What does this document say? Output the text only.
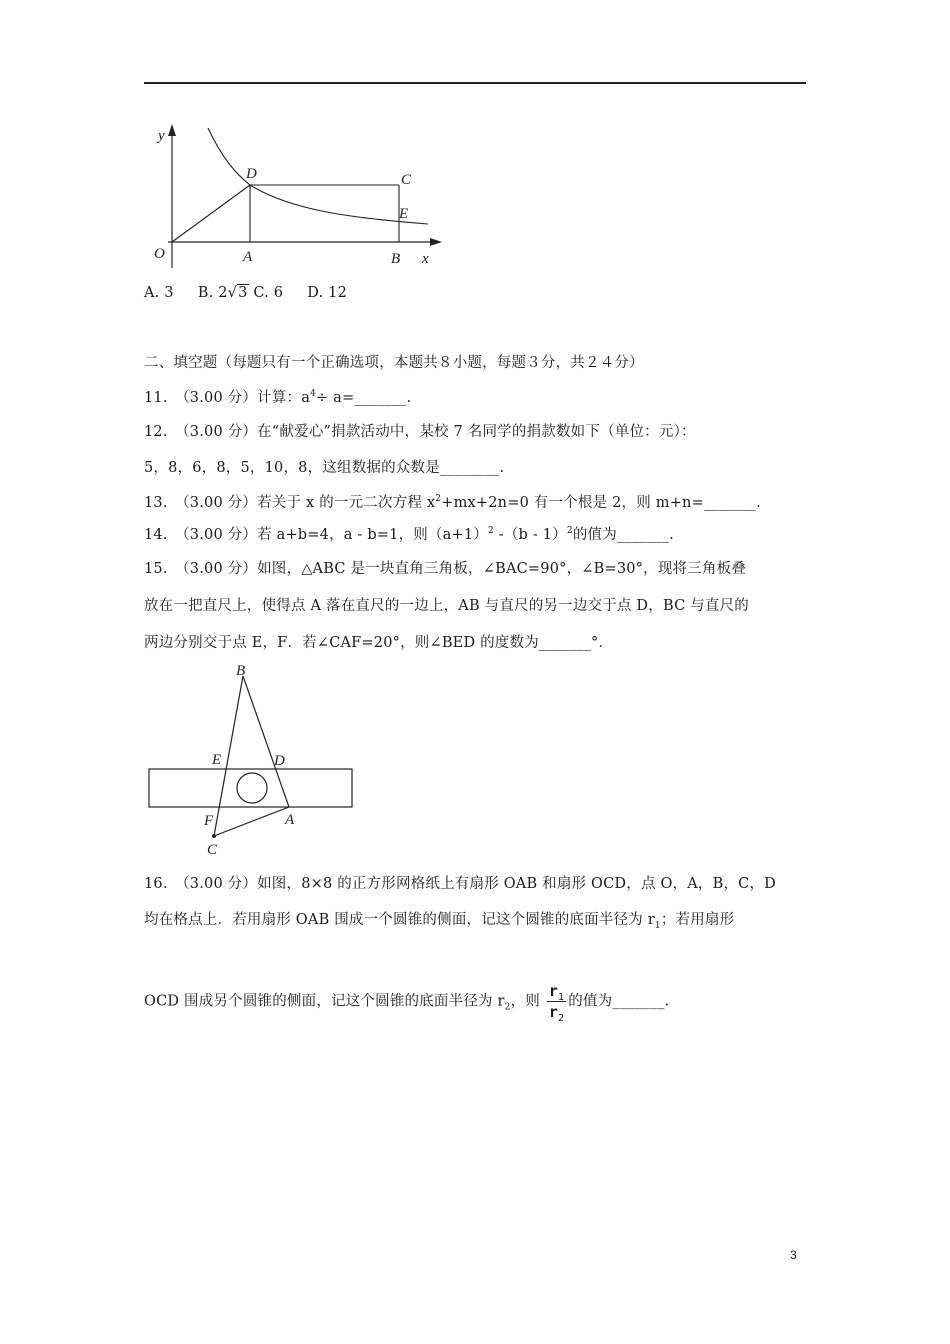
y
x
O	A	B
C
D
E
A. 3 B. 2√3 C. 6 D. 12
二、填空题（每题只有一个正确选项，本题共８小题，每题３分，共２４分）
11.　（3.00 分）计算：$a^4\div$ a=_______.
12.　（3.00 分）在“献爱心”捐款活动中，某校 7 名同学的捐款数如下（单位：元）：
5，8，6，8，5，10，8，这组数据的众数是________.
13.　（3.00 分）若关于 x 的一元二次方程 $x^2+mx+2n=0$ 有一个根是 2，则 m+n=_______.
14.　（3.00 分）若 a+b=4，a - b=1，则$(a+1)^2$ -（b - 1）$^2$的值为_______.
15.　（3.00 分）如图，△ABC 是一块直角三角板，∠BAC=90°，∠B=30°，现将三角板叠
放在一把直尺上，使得点 A 落在直尺的一边上，AB 与直尺的另一边交于点 D，BC 与直尺的
两边分别交于点 E，F．若∠CAF=20°，则∠BED 的度数为_______°．
B
E	D
F	A
C
16.　（3.00 分）如图，8×8 的正方形网格纸上有扇形 OAB 和扇形 OCD，点 O，A，B，C，D
均在格点上．若用扇形 OAB 围成一个圆锥的侧面，记这个圆锥的底面半径为 $r_1$；若用扇形
OCD 围成另个圆锥的侧面，记这个圆锥的底面半径为 $r_2$，则 $\frac{r_1}{r_2}$ 的值为_______.
3
